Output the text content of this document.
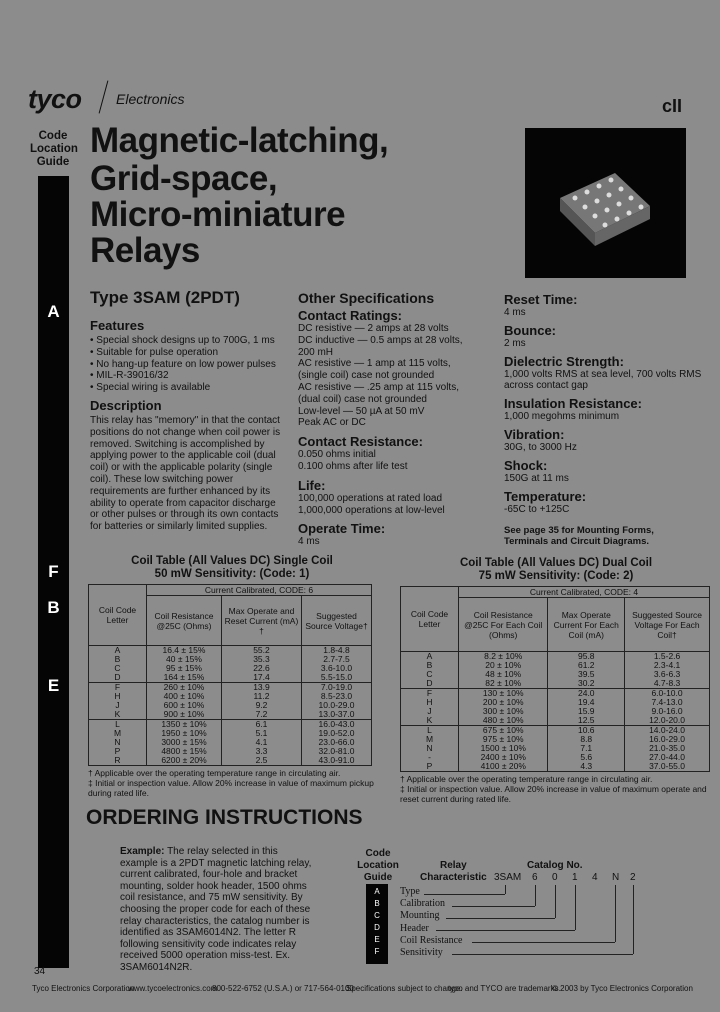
tyco Electronics	cII
Code
Location
Guide
A
F
B
E
Magnetic-latching,
Grid-space,
Micro-miniature
Relays
Type 3SAM (2PDT)
Features
• Special shock designs up to 700G, 1 ms
• Suitable for pulse operation
• No hang-up feature on low power pulses
• MIL-R-39016/32
• Special wiring is available
Description
This relay has "memory" in that the contact positions do not change when coil power is removed. Switching is accomplished by applying power to the applicable coil (dual coil) or with the applicable polarity (single coil). These low switching power requirements are further enhanced by its ability to operate from capacitor discharge or other pulses or through its own contacts for batteries or similarly limited supplies.
Other Specifications
Contact Ratings:
DC resistive — 2 amps at 28 volts
DC inductive — 0.5 amps at 28 volts,
200 mH
AC resistive — 1 amp at 115 volts,
(single coil) case not grounded
AC resistive — .25 amp at 115 volts,
(dual coil) case not grounded
Low-level — 50 µA at 50 mV
Peak AC or DC
Contact Resistance:
0.050 ohms initial
0.100 ohms after life test
Life:
100,000 operations at rated load
1,000,000 operations at low-level
Operate Time:
4 ms
Reset Time:
4 ms
Bounce:
2 ms
Dielectric Strength:
1,000 volts RMS at sea level, 700 volts RMS
across contact gap
Insulation Resistance:
1,000 megohms minimum
Vibration:
30G, to 3000 Hz
Shock:
150G at 11 ms
Temperature:
-65C to +125C
See page 35 for Mounting Forms,
Terminals and Circuit Diagrams.
Coil Table (All Values DC) Single Coil
50 mW Sensitivity: (Code: 1)
Coil Code Letter	Current Calibrated, CODE: 6		
	Coil Resistance @25C (Ohms)	Max Operate and Reset Current (mA) †	Suggested Source Voltage†
A	16.4 ± 15%	55.2	1.8-4.8
B	40 ± 15%	35.3	2.7-7.5
C	95 ± 15%	22.6	3.6-10.0
D	164 ± 15%	17.4	5.5-15.0
F	260 ± 10%	13.9	7.0-19.0
H	400 ± 10%	11.2	8.5-23.0
J	600 ± 10%	9.2	10.0-29.0
K	900 ± 10%	7.2	13.0-37.0
L	1350 ± 10%	6.1	16.0-43.0
M	1950 ± 10%	5.1	19.0-52.0
N	3000 ± 15%	4.1	23.0-66.0
P	4800 ± 15%	3.3	32.0-81.0
R	6200 ± 20%	2.5	43.0-91.0
† Applicable over the operating temperature range in circulating air.
‡ Initial or inspection value. Allow 20% increase in value of maximum pickup during rated life.
Coil Table (All Values DC) Dual Coil
75 mW Sensitivity: (Code: 2)
Coil Code Letter	Current Calibrated, CODE: 4		
	Coil Resistance @25C For Each Coil (Ohms)	Max Operate Current For Each Coil (mA)	Suggested Source Voltage For Each Coil†
A	8.2 ± 10%	95.8	1.5-2.6
B	20 ± 10%	61.2	2.3-4.1
C	48 ± 10%	39.5	3.6-6.3
D	82 ± 10%	30.2	4.7-8.3
F	130 ± 10%	24.0	6.0-10.0
H	200 ± 10%	19.4	7.4-13.0
J	300 ± 10%	15.9	9.0-16.0
K	480 ± 10%	12.5	12.0-20.0
L	675 ± 10%	10.6	14.0-24.0
M	975 ± 10%	8.8	16.0-29.0
N	1500 ± 10%	7.1	21.0-35.0
-	2400 ± 10%	5.6	27.0-44.0
P	4100 ± 20%	4.3	37.0-55.0
† Applicable over the operating temperature range in circulating air.
‡ Initial or inspection value. Allow 20% increase in value of maximum operate and reset current during rated life.
ORDERING INSTRUCTIONS
Example: The relay selected in this example is a 2PDT magnetic latching relay, current calibrated, four-hole and bracket mounting, solder hook header, 1500 ohms coil resistance, and 75 mW sensitivity. By choosing the proper code for each of these relay characteristics, the catalog number is identified as 3SAM6014N2. The letter R following sensitivity code indicates relay received 5000 operation miss-test. Ex. 3SAM6014N2R.
Code
Location
Guide
Relay
Characteristic
Catalog No.
A
B
C
D
E
F
Type
Calibration
Mounting
Header
Coil Resistance
Sensitivity
3SAM 6 0 1 4 N 2
34
Tyco Electronics Corporation
www.tycoelectronics.com
800-522-6752 (U.S.A.) or 717-564-0100
Specifications subject to change.
tyco and TYCO are trademarks.
© 2003 by Tyco Electronics Corporation
